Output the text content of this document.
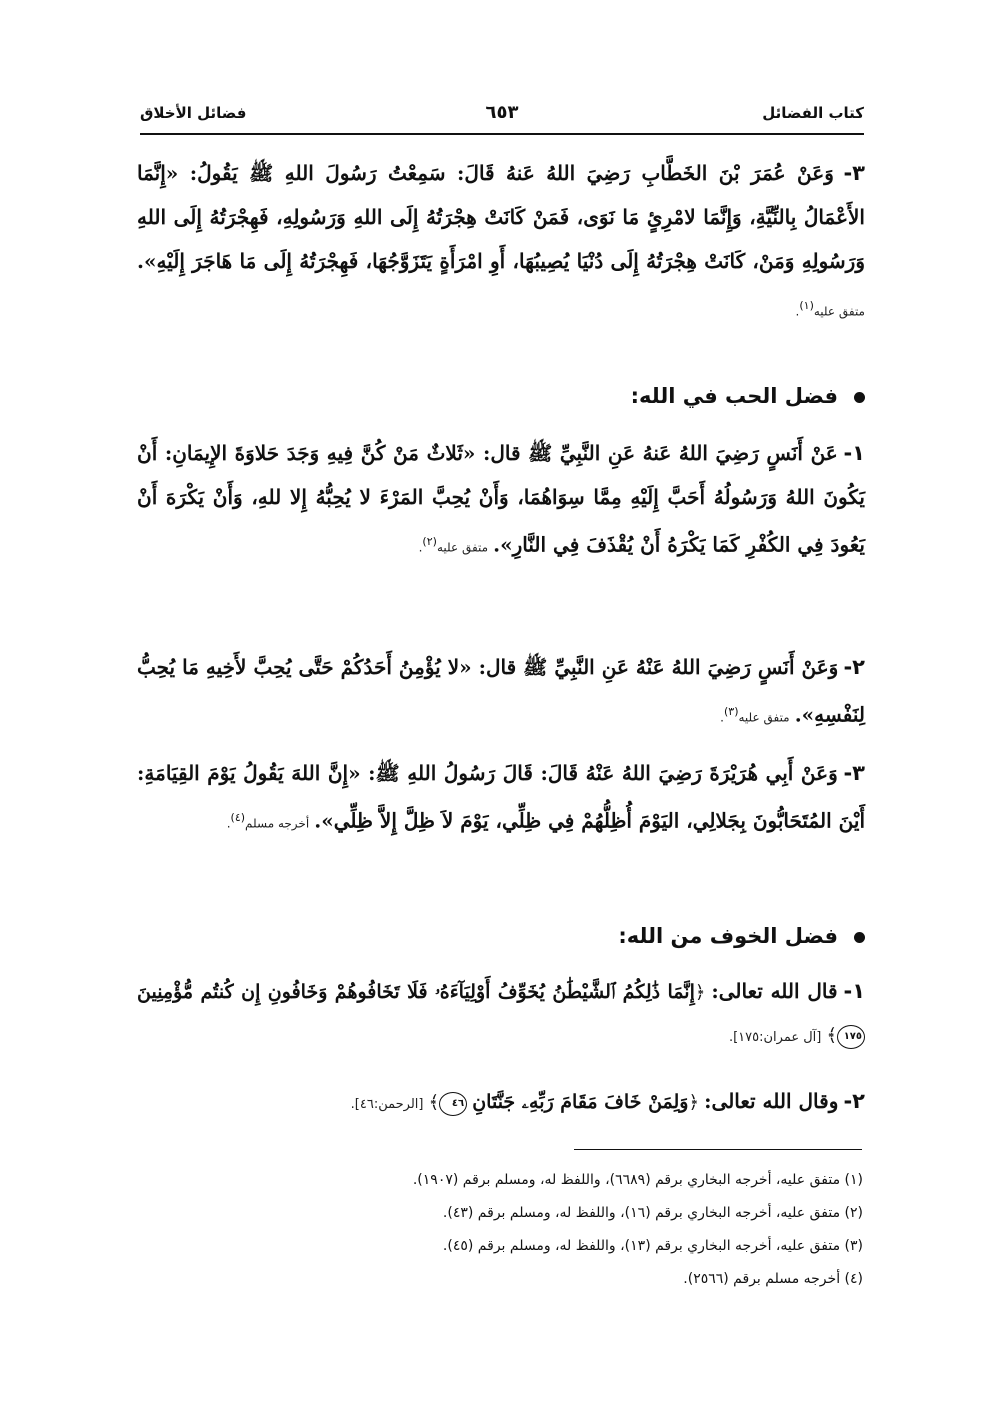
كتاب الفضائل
٦٥٣
فضائل الأخلاق
٣- وَعَنْ عُمَرَ بْنَ الخَطَّابِ رَضِيَ اللهُ عَنهُ قَالَ: سَمِعْتُ رَسُولَ اللهِ ﷺ يَقُولُ: «إِنَّمَا الأَعْمَالُ بِالنِّيَّةِ، وَإِنَّمَا لامْرِئٍ مَا نَوَى، فَمَنْ كَانَتْ هِجْرَتُهُ إِلَى اللهِ وَرَسُولِهِ، فَهِجْرَتُهُ إِلَى اللهِ وَرَسُولِهِ وَمَنْ، كَانَتْ هِجْرَتُهُ إِلَى دُنْيَا يُصِيبُهَا، أَوِ امْرَأَةٍ يَتَزَوَّجُهَا، فَهِجْرَتُهُ إِلَى مَا هَاجَرَ إِلَيْهِ». متفق عليه$^{(١)}$.
فضل الحب في الله:
١- عَنْ أَنَسٍ رَضِيَ اللهُ عَنهُ عَنِ النَّبِيِّ ﷺ قال: «ثَلاثٌ مَنْ كُنَّ فِيهِ وَجَدَ حَلاوَةَ الإِيمَانِ: أَنْ يَكُونَ اللهُ وَرَسُولُهُ أَحَبَّ إِلَيْهِ مِمَّا سِوَاهُمَا، وَأَنْ يُحِبَّ المَرْءَ لا يُحِبُّهُ إِلا للهِ، وَأَنْ يَكْرَهَ أَنْ يَعُودَ فِي الكُفْرِ كَمَا يَكْرَهُ أَنْ يُقْذَفَ فِي النَّارِ». متفق عليه$^{(٢)}$.
٢- وَعَنْ أَنَسٍ رَضِيَ اللهُ عَنْهُ عَنِ النَّبِيِّ ﷺ قال: «لا يُؤْمِنُ أَحَدُكُمْ حَتَّى يُحِبَّ لأَخِيهِ مَا يُحِبُّ لِنَفْسِهِ». متفق عليه$^{(٣)}$.
٣- وَعَنْ أَبِي هُرَيْرَةَ رَضِيَ اللهُ عَنْهُ قَالَ: قَالَ رَسُولُ اللهِ ﷺ: «إِنَّ اللهَ يَقُولُ يَوْمَ القِيَامَةِ: أَيْنَ المُتَحَابُّونَ بِجَلالِي، اليَوْمَ أُظِلُّهُمْ فِي ظِلِّي، يَوْمَ لاَ ظِلَّ إِلاَّ ظِلِّي». أخرجه مسلم$^{(٤)}$.
فضل الخوف من الله:
١- قال الله تعالى: ﴿إِنَّمَا ذَٰلِكُمُ ٱلشَّيْطَٰنُ يُخَوِّفُ أَوْلِيَآءَهُۥ فَلَا تَخَافُوهُمْ وَخَافُونِ إِن كُنتُم مُّؤْمِنِينَ ١٧٥﴾ [آل عمران:١٧٥].
٢- وقال الله تعالى: ﴿وَلِمَنْ خَافَ مَقَامَ رَبِّهِۦ جَنَّتَانِ ٤٦﴾ [الرحمن:٤٦].
(١) متفق عليه، أخرجه البخاري برقم (٦٦٨٩)، واللفظ له، ومسلم برقم (١٩٠٧).
(٢) متفق عليه، أخرجه البخاري برقم (١٦)، واللفظ له، ومسلم برقم (٤٣).
(٣) متفق عليه، أخرجه البخاري برقم (١٣)، واللفظ له، ومسلم برقم (٤٥).
(٤) أخرجه مسلم برقم (٢٥٦٦).
